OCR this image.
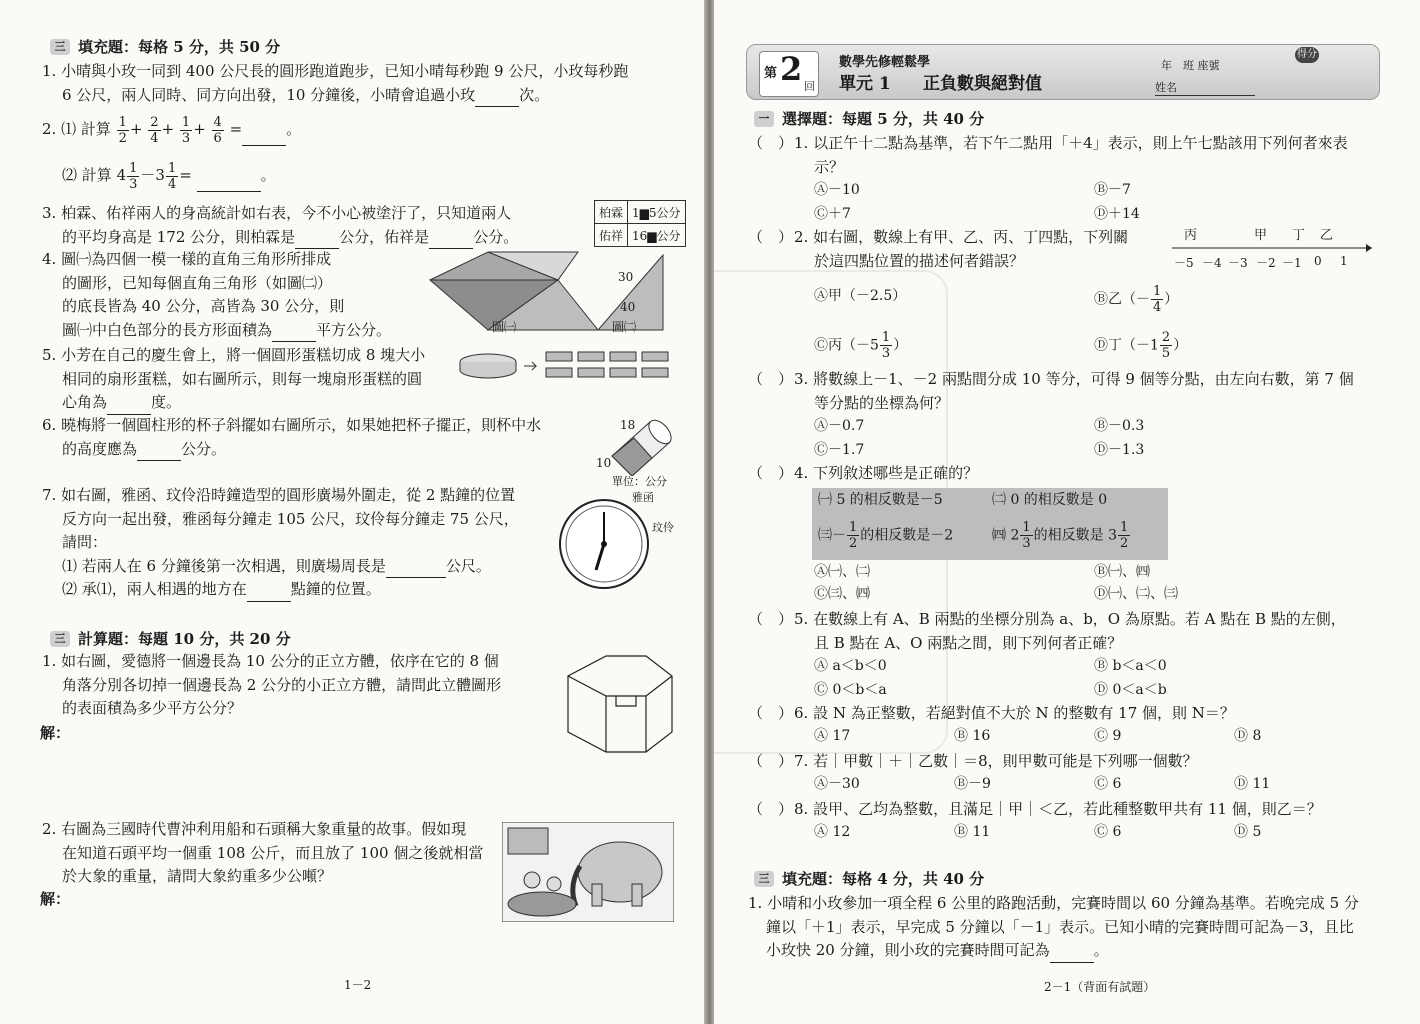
三 填充題：每格 5 分，共 50 分
1. 小晴與小玫一同到 400 公尺長的圓形跑道跑步，已知小晴每秒跑 9 公尺，小玫每秒跑
6 公尺，兩人同時、同方向出發，10 分鐘後，小晴會追過小玫	次。
2. ⑴ 計算 $\frac{1}{2} + \frac{2}{4} + \frac{1}{3} + \frac{4}{6}$ =	。
⑵ 計算 $4 \frac{1}{3} -3 \frac{1}{4}$ =	。
3. 柏霖、佑祥兩人的身高統計如右表，今不小心被塗汙了，只知道兩人
的平均身高是 172 公分，則柏霖是	公分，佑祥是	公分。
柏霖	1▆5公分
佑祥	16▆公分
4. 圖㈠為四個一模一樣的直角三角形所排成
的圖形，已知每個直角三角形（如圖㈡）
的底長皆為 40 公分，高皆為 30 公分，則
圖㈠中白色部分的長方形面積為	平方公分。
30
40
圖㈠	圖㈡
5. 小芳在自己的慶生會上，將一個圓形蛋糕切成 8 塊大小
相同的扇形蛋糕，如右圖所示，則每一塊扇形蛋糕的圓
心角為	度。
6. 曉梅將一個圓柱形的杯子斜擺如右圖所示，如果她把杯子擺正，則杯中水
的高度應為	公分。
18
10
單位：公分
7. 如右圖，雅函、玟伶沿時鐘造型的圓形廣場外圍走，從 2 點鐘的位置
反方向一起出發，雅函每分鐘走 105 公尺，玟伶每分鐘走 75 公尺，
請問：
⑴ 若兩人在 6 分鐘後第一次相遇，則廣場周長是	公尺。
⑵ 承⑴，兩人相遇的地方在	點鐘的位置。
雅函
玟伶
三 計算題：每題 10 分，共 20 分
1. 如右圖，愛德將一個邊長為 10 公分的正立方體，依序在它的 8 個
角落分別各切掉一個邊長為 2 公分的小正立方體，請問此立體圖形
的表面積為多少平方公分？
解：
2. 右圖為三國時代曹沖利用船和石頭稱大象重量的故事。假如現
在知道石頭平均一個重 108 公斤，而且放了 100 個之後就相當
於大象的重量，請問大象約重多少公噸？
解：
1－2
第 2 回
數學先修輕鬆學
單元 1 正負數與絕對值
年　班 座號
姓名
得分
一 選擇題：每題 5 分，共 40 分
（　）1. 以正午十二點為基準，若下午二點用「＋4」表示，則上午七點該用下列何者來表
示？
Ⓐ－10	Ⓑ－7
Ⓒ＋7	Ⓓ＋14
（　）2. 如右圖，數線上有甲、乙、丙、丁四點，下列關
於這四點位置的描述何者錯誤？
丙	甲 丁 乙
－5 －4 －3 －2 －1 0 1
Ⓐ甲（－2.5）	Ⓑ乙（－ $\frac{1}{4}$ ）
Ⓒ丙（$-5 \frac{1}{3}$ ）	Ⓓ丁（$-1 \frac{2}{5}$ ）
（　）3. 將數線上－1、－2 兩點間分成 10 等分，可得 9 個等分點，由左向右數，第 7 個
等分點的坐標為何？
Ⓐ－0.7	Ⓑ－0.3
Ⓒ－1.7	Ⓓ－1.3
（　）4. 下列敘述哪些是正確的？
㈠ 5 的相反數是－5	㈡ 0 的相反數是 0
㈢－ $\frac{1}{2}$ 的相反數是－2	㈣ $2 \frac{1}{3}$ 的相反數是 $3 \frac{1}{2}$
Ⓐ㈠、㈡	Ⓑ㈠、㈣
Ⓒ㈢、㈣	Ⓓ㈠、㈡、㈢
（　）5. 在數線上有 A、B 兩點的坐標分別為 a、b，O 為原點。若 A 點在 B 點的左側，
且 B 點在 A、O 兩點之間，則下列何者正確？
Ⓐ a＜b＜0	Ⓑ b＜a＜0
Ⓒ 0＜b＜a	Ⓓ 0＜a＜b
（　）6. 設 N 為正整數，若絕對值不大於 N 的整數有 17 個，則 N＝？
Ⓐ 17	Ⓑ 16	Ⓒ 9	Ⓓ 8
（　）7. 若｜甲數｜＋｜乙數｜＝8，則甲數可能是下列哪一個數？
Ⓐ－30	Ⓑ－9	Ⓒ 6	Ⓓ 11
（　）8. 設甲、乙均為整數，且滿足｜甲｜＜乙，若此種整數甲共有 11 個，則乙＝？
Ⓐ 12	Ⓑ 11	Ⓒ 6	Ⓓ 5
三 填充題：每格 4 分，共 40 分
1. 小晴和小玫參加一項全程 6 公里的路跑活動，完賽時間以 60 分鐘為基準。若晚完成 5 分
鐘以「＋1」表示，早完成 5 分鐘以「－1」表示。已知小晴的完賽時間可記為－3，且比
小玫快 20 分鐘，則小玫的完賽時間可記為	。
2－1（背面有試題）
